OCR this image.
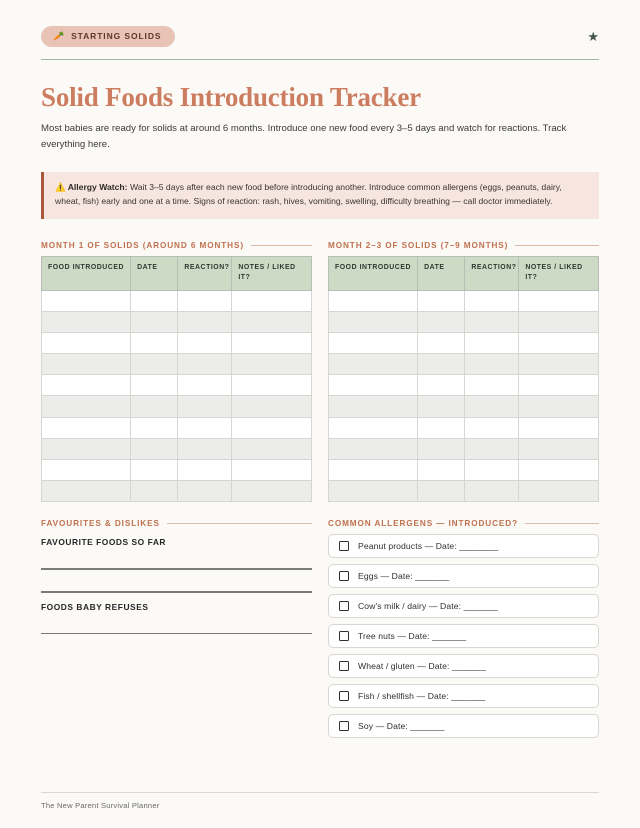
🥕 STARTING SOLIDS	★
Solid Foods Introduction Tracker

Most babies are ready for solids at around 6 months. Introduce one new food every 3–5 days and watch for reactions. Track everything here.

⚠️ Allergy Watch: Wait 3–5 days after each new food before introducing another. Introduce common allergens (eggs, peanuts, dairy, wheat, fish) early and one at a time. Signs of reaction: rash, hives, vomiting, swelling, difficulty breathing — call doctor immediately.
MONTH 1 OF SOLIDS (AROUND 6 MONTHS)
FOOD INTRODUCED	DATE	REACTION?	NOTES / LIKED IT?

MONTH 2–3 OF SOLIDS (7–9 MONTHS)
FOOD INTRODUCED	DATE	REACTION?	NOTES / LIKED IT?

FAVOURITES & DISLIKES
FAVOURITE FOODS SO FAR
FOODS BABY REFUSES
COMMON ALLERGENS — INTRODUCED?
Peanut products — Date: ________
Eggs — Date: _______
Cow's milk / dairy — Date: _______
Tree nuts — Date: _______
Wheat / gluten — Date: _______
Fish / shellfish — Date: _______
Soy — Date: _______
The New Parent Survival Planner
